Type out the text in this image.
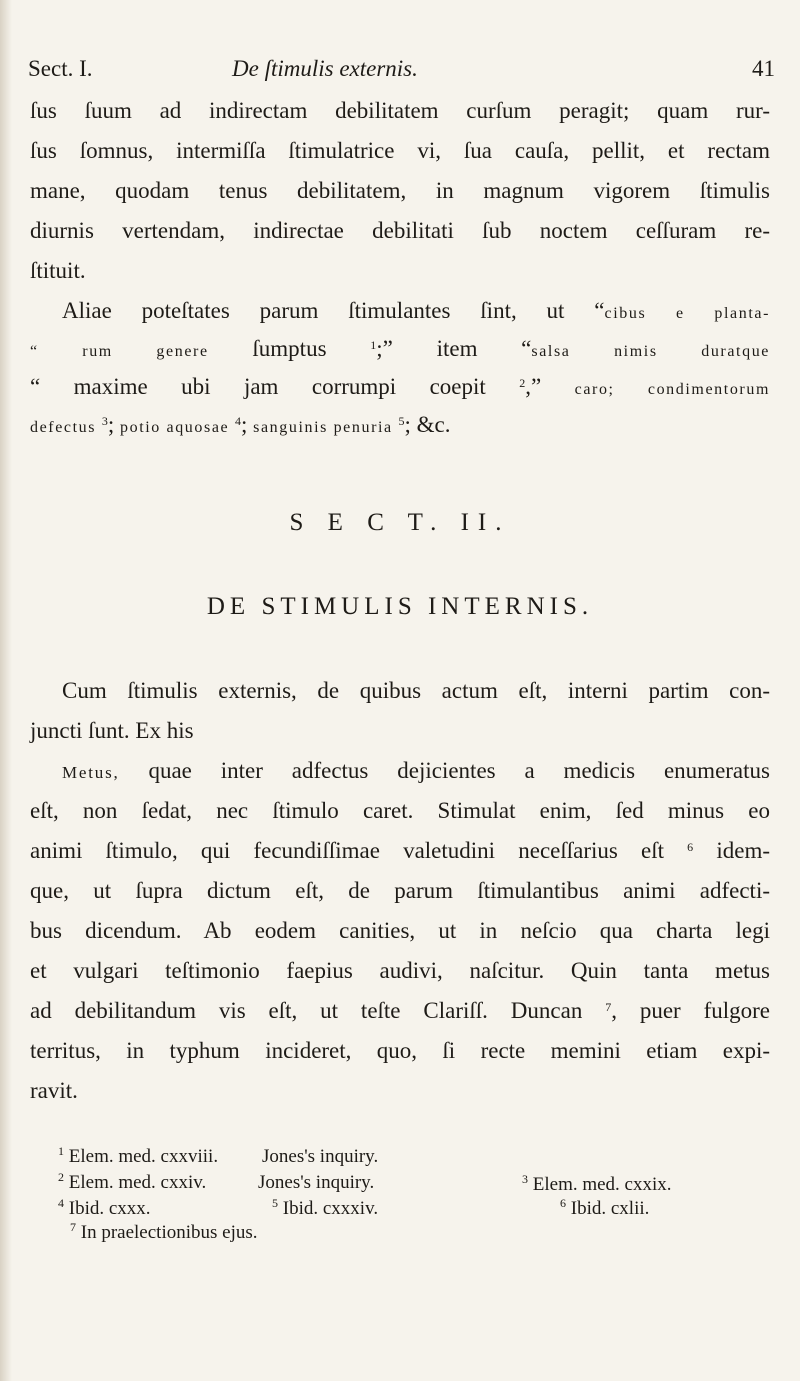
Sect. I.	De ſtimulis externis.	41
ſus ſuum ad indirectam debilitatem curſum peragit; quam rur-
ſus ſomnus, intermiſſa ſtimulatrice vi, ſua cauſa, pellit, et rectam
mane, quodam tenus debilitatem, in magnum vigorem ſtimulis
diurnis vertendam, indirectae debilitati ſub noctem ceſſuram re-
ſtituit.
Aliae poteſtates parum ſtimulantes ſint, ut “cibus e planta-
“ rum genere ſumptus $^1$;” item “salsa nimis duratque
“ maxime ubi jam corrumpi coepit $^2$,” caro; condimentorum
defectus $^3$; potio aquosae $^4$; sanguinis penuria $^5$; &c.
S E C T. II.
DE STIMULIS INTERNIS.
Cum ſtimulis externis, de quibus actum eſt, interni partim con-
juncti ſunt. Ex his
Metus, quae inter adfectus dejicientes a medicis enumeratus
eſt, non ſedat, nec ſtimulo caret. Stimulat enim, ſed minus eo
animi ſtimulo, qui fecundiſſimae valetudini neceſſarius eſt $^6$ idem-
que, ut ſupra dictum eſt, de parum ſtimulantibus animi adfecti-
bus dicendum. Ab eodem canities, ut in neſcio qua charta legi
et vulgari teſtimonio faepius audivi, naſcitur. Quin tanta metus
ad debilitandum vis eſt, ut teſte Clariſſ. Duncan $^7$, puer fulgore
territus, in typhum incideret, quo, ſi recte memini etiam expi-
ravit.
$^1$ Elem. med. cxxviii. Jones's inquiry.
$^2$ Elem. med. cxxiv.	Jones's inquiry.	$^3$ Elem. med. cxxix.
$^4$ Ibid. cxxx.	$^5$ Ibid. cxxxiv.	$^6$ Ibid. cxlii.
$^7$ In praelectionibus ejus.
